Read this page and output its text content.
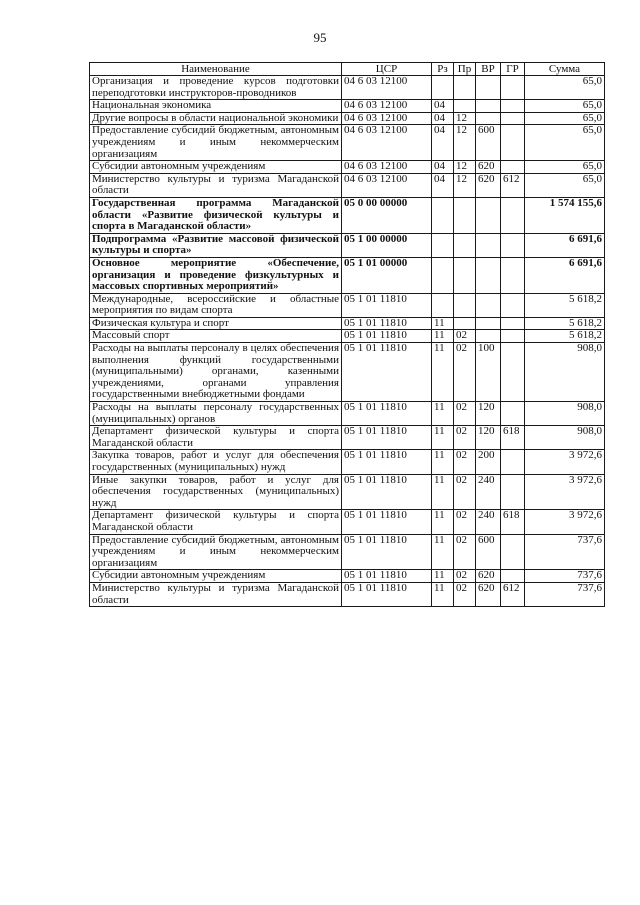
95
Наименование	ЦСР	Рз	Пр	ВР	ГР	Сумма
Организация и проведение курсов подготовки переподготовки инструкторов-проводников	04 6 03 12100					65,0
Национальная экономика	04 6 03 12100	04				65,0
Другие вопросы в области национальной экономики	04 6 03 12100	04	12			65,0
Предоставление субсидий бюджетным, автономным учреждениям и иным некоммерческим организациям	04 6 03 12100	04	12	600		65,0
Субсидии автономным учреждениям	04 6 03 12100	04	12	620		65,0
Министерство культуры и туризма Магаданской области	04 6 03 12100	04	12	620	612	65,0
Государственная программа Магаданской области «Развитие физической культуры и спорта в Магаданской области»	05 0 00 00000					1 574 155,6
Подпрограмма «Развитие массовой физической культуры и спорта»	05 1 00 00000					6 691,6
Основное мероприятие «Обеспечение, организация и проведение физкультурных и массовых спортивных мероприятий»	05 1 01 00000					6 691,6
Международные, всероссийские и областные мероприятия по видам спорта	05 1 01 11810					5 618,2
Физическая культура и спорт	05 1 01 11810	11				5 618,2
Массовый спорт	05 1 01 11810	11	02			5 618,2
Расходы на выплаты персоналу в целях обеспечения выполнения функций государственными (муниципальными) органами, казенными учреждениями, органами управления государственными внебюджетными фондами	05 1 01 11810	11	02	100		908,0
Расходы на выплаты персоналу государственных (муниципальных) органов	05 1 01 11810	11	02	120		908,0
Департамент физической культуры и спорта Магаданской области	05 1 01 11810	11	02	120	618	908,0
Закупка товаров, работ и услуг для обеспечения государственных (муниципальных) нужд	05 1 01 11810	11	02	200		3 972,6
Иные закупки товаров, работ и услуг для обеспечения государственных (муниципальных) нужд	05 1 01 11810	11	02	240		3 972,6
Департамент физической культуры и спорта Магаданской области	05 1 01 11810	11	02	240	618	3 972,6
Предоставление субсидий бюджетным, автономным учреждениям и иным некоммерческим организациям	05 1 01 11810	11	02	600		737,6
Субсидии автономным учреждениям	05 1 01 11810	11	02	620		737,6
Министерство культуры и туризма Магаданской области	05 1 01 11810	11	02	620	612	737,6
